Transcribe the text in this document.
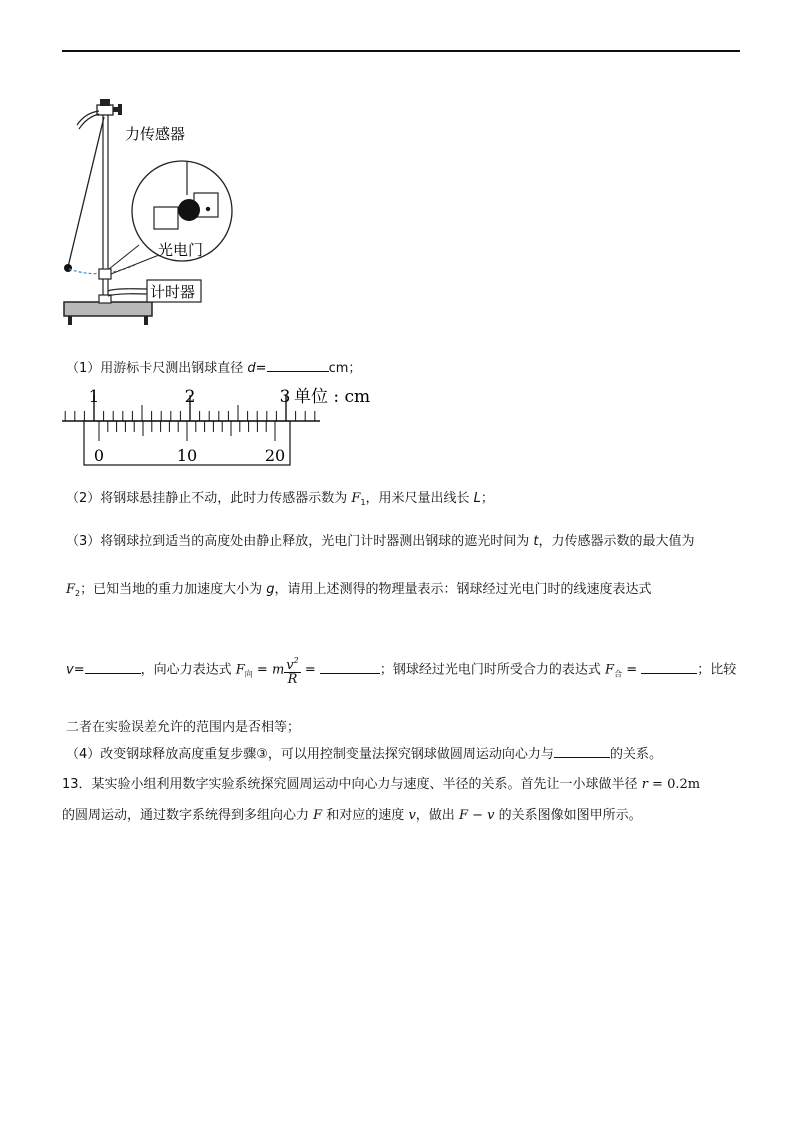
力传感器
光电门
计时器
（1）用游标卡尺测出钢球直径 d=	cm；
1	2	3 单位 : cm
0	10	20
（2）将钢球悬挂静止不动，此时力传感器示数为 $F_1$，用米尺量出线长 L；
（3）将钢球拉到适当的高度处由静止释放，光电门计时器测出钢球的遮光时间为 t，力传感器示数的最大值为
$F_2$；已知当地的重力加速度大小为 g，请用上述测得的物理量表示：钢球经过光电门时的线速度表达式
v=	，向心力表达式 $F_向 = m \frac{v^2}{R}$ =	；钢球经过光电门时所受合力的表达式 $F_合$ =	；比较
二者在实验误差允许的范围内是否相等；
（4）改变钢球释放高度重复步骤③，可以用控制变量法探究钢球做圆周运动向心力与	的关系。
13．某实验小组利用数字实验系统探究圆周运动中向心力与速度、半径的关系。首先让一小球做半径 r = 0.2m
的圆周运动，通过数字系统得到多组向心力 F 和对应的速度 v，做出 F − v 的关系图像如图甲所示。
